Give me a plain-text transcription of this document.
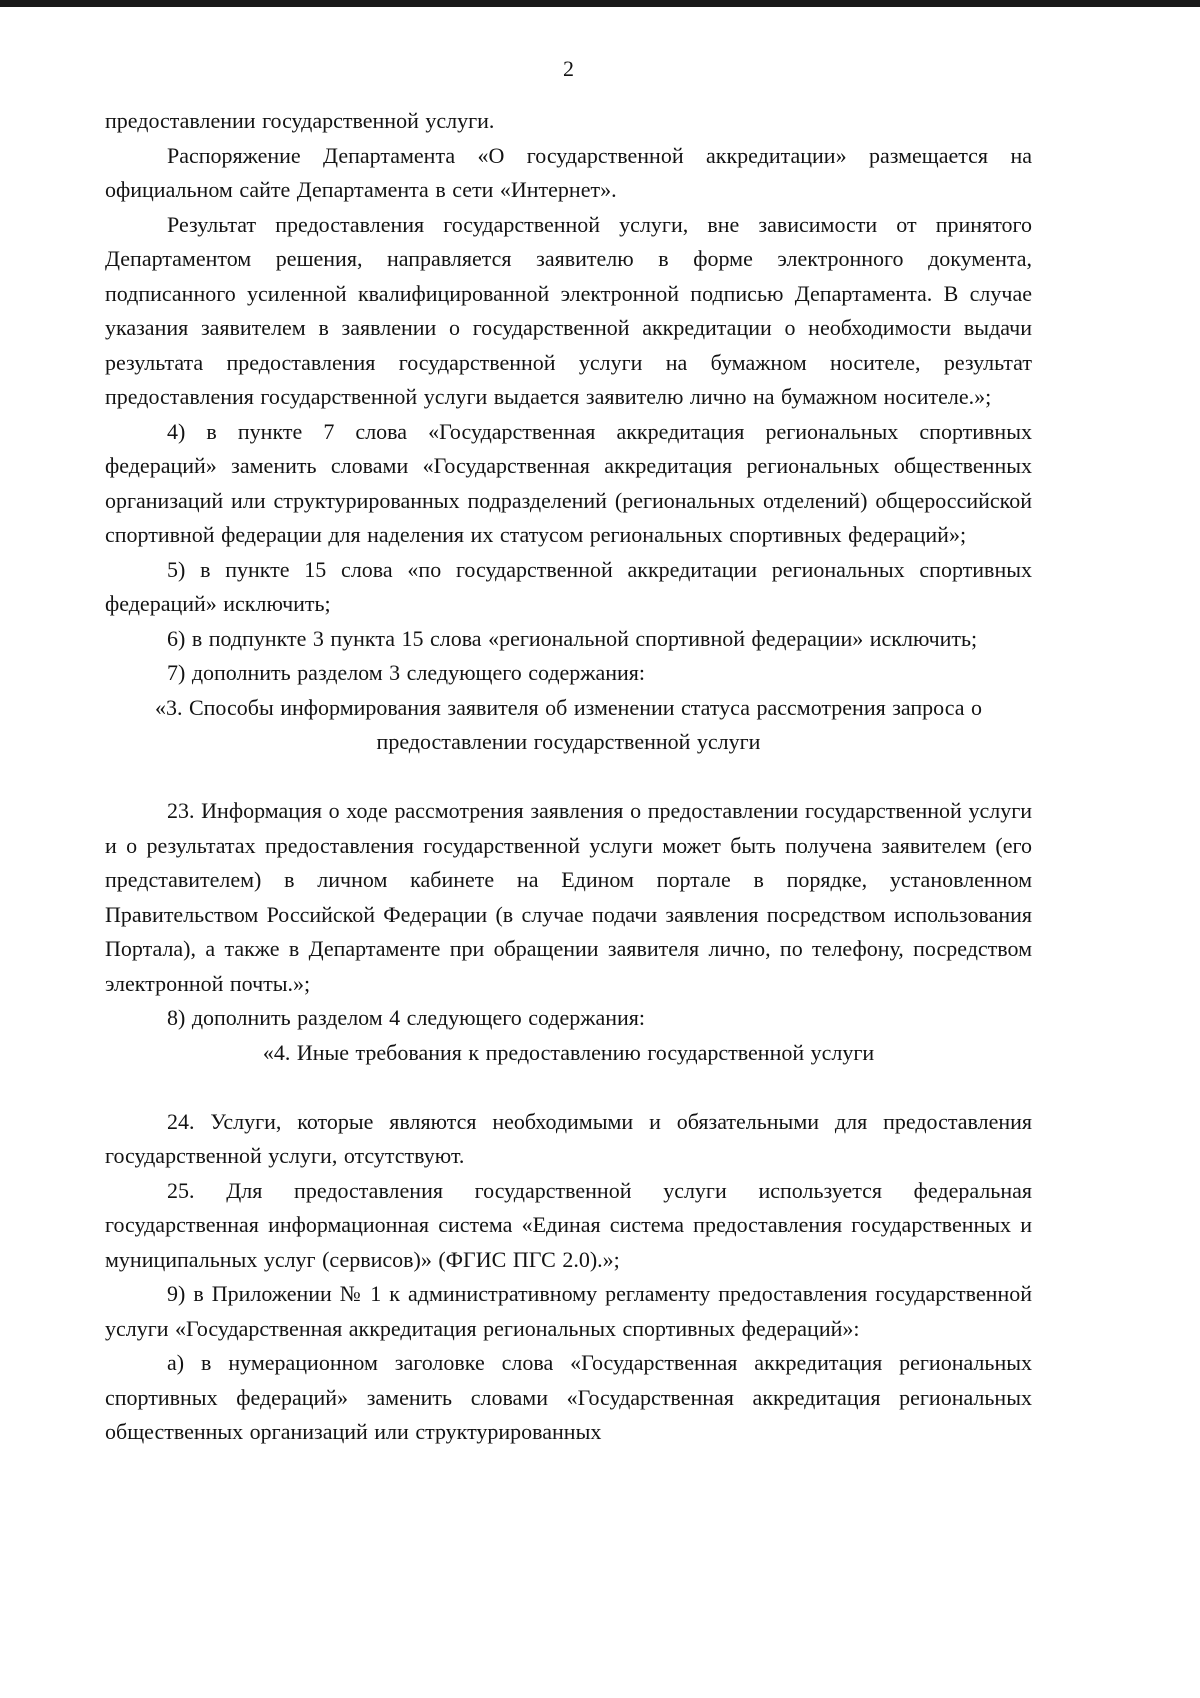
2

предоставлении государственной услуги.

Распоряжение Департамента «О государственной аккредитации» размещается на официальном сайте Департамента в сети «Интернет».

Результат предоставления государственной услуги, вне зависимости от принятого Департаментом решения, направляется заявителю в форме электронного документа, подписанного усиленной квалифицированной электронной подписью Департамента. В случае указания заявителем в заявлении о государственной аккредитации о необходимости выдачи результата предоставления государственной услуги на бумажном носителе, результат предоставления государственной услуги выдается заявителю лично на бумажном носителе.»;

4) в пункте 7 слова «Государственная аккредитация региональных спортивных федераций» заменить словами «Государственная аккредитация региональных общественных организаций или структурированных подразделений (региональных отделений) общероссийской спортивной федерации для наделения их статусом региональных спортивных федераций»;

5) в пункте 15 слова «по государственной аккредитации региональных спортивных федераций» исключить;

6) в подпункте 3 пункта 15 слова «региональной спортивной федерации» исключить;

7) дополнить разделом 3 следующего содержания:

«3. Способы информирования заявителя об изменении статуса рассмотрения запроса о предоставлении государственной услуги

23. Информация о ходе рассмотрения заявления о предоставлении государственной услуги и о результатах предоставления государственной услуги может быть получена заявителем (его представителем) в личном кабинете на Едином портале в порядке, установленном Правительством Российской Федерации (в случае подачи заявления посредством использования Портала), а также в Департаменте при обращении заявителя лично, по телефону, посредством электронной почты.»;

8) дополнить разделом 4 следующего содержания:

«4. Иные требования к предоставлению государственной услуги

24. Услуги, которые являются необходимыми и обязательными для предоставления государственной услуги, отсутствуют.

25. Для предоставления государственной услуги используется федеральная государственная информационная система «Единая система предоставления государственных и муниципальных услуг (сервисов)» (ФГИС ПГС 2.0).»;

9) в Приложении № 1 к административному регламенту предоставления государственной услуги «Государственная аккредитация региональных спортивных федераций»:

а) в нумерационном заголовке слова «Государственная аккредитация региональных спортивных федераций» заменить словами «Государственная аккредитация региональных общественных организаций или структурированных
